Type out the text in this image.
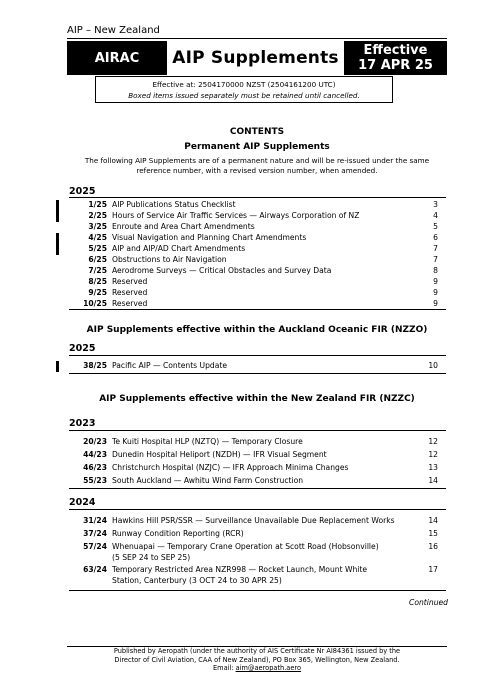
AIP – New Zealand
AIRAC	AIP Supplements	Effective
17 APR 25
Effective at: 2504170000 NZST (2504161200 UTC)
Boxed items issued separately must be retained until cancelled.
CONTENTS
Permanent AIP Supplements
The following AIP Supplements are of a permanent nature and will be re-issued under the same reference number, with a revised version number, when amended.
2025
1/25 AIP Publications Status Checklist	3
2/25 Hours of Service Air Traffic Services — Airways Corporation of NZ	4
3/25 Enroute and Area Chart Amendments	5
4/25 Visual Navigation and Planning Chart Amendments	6
5/25 AIP and AIP/AD Chart Amendments	7
6/25 Obstructions to Air Navigation	7
7/25 Aerodrome Surveys — Critical Obstacles and Survey Data	8
8/25 Reserved	9
9/25 Reserved	9
10/25 Reserved	9
AIP Supplements effective within the Auckland Oceanic FIR (NZZO)
2025
38/25 Pacific AIP — Contents Update	10
AIP Supplements effective within the New Zealand FIR (NZZC)
2023
20/23 Te Kuiti Hospital HLP (NZTQ) — Temporary Closure	12
44/23 Dunedin Hospital Heliport (NZDH) — IFR Visual Segment	12
46/23 Christchurch Hospital (NZJC) — IFR Approach Minima Changes	13
55/23 South Auckland — Awhitu Wind Farm Construction	14
2024
31/24 Hawkins Hill PSR/SSR — Surveillance Unavailable Due Replacement Works	14
37/24 Runway Condition Reporting (RCR)	15
57/24 Whenuapai — Temporary Crane Operation at Scott Road (Hobsonville)
(5 SEP 24 to SEP 25)
16
63/24 Temporary Restricted Area NZR998 — Rocket Launch, Mount White
Station, Canterbury (3 OCT 24 to 30 APR 25)
17
Continued
Published by Aeropath (under the authority of AIS Certificate Nr AI84361 issued by the
Director of Civil Aviation, CAA of New Zealand), PO Box 365, Wellington, New Zealand.
Email: aim@aeropath.aero
